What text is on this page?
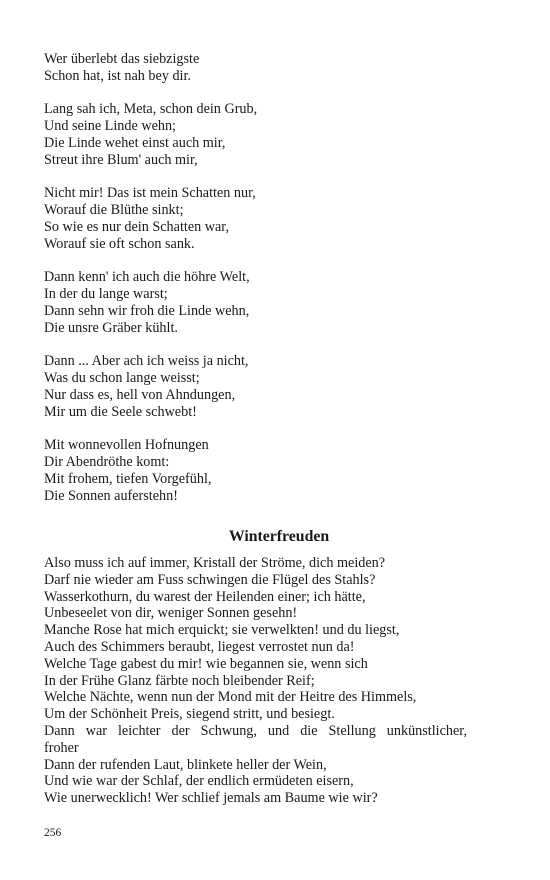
Wer überlebt das siebzigste
Schon hat, ist nah bey dir.
Lang sah ich, Meta, schon dein Grub,
Und seine Linde wehn;
Die Linde wehet einst auch mir,
Streut ihre Blum' auch mir,
Nicht mir! Das ist mein Schatten nur,
Worauf die Blüthe sinkt;
So wie es nur dein Schatten war,
Worauf sie oft schon sank.
Dann kenn' ich auch die höhre Welt,
In der du lange warst;
Dann sehn wir froh die Linde wehn,
Die unsre Gräber kühlt.
Dann ... Aber ach ich weiss ja nicht,
Was du schon lange weisst;
Nur dass es, hell von Ahndungen,
Mir um die Seele schwebt!
Mit wonnevollen Hofnungen
Dir Abendröthe komt:
Mit frohem, tiefen Vorgefühl,
Die Sonnen auferstehn!
Winterfreuden
Also muss ich auf immer, Kristall der Ströme, dich meiden?
Darf nie wieder am Fuss schwingen die Flügel des Stahls?
Wasserkothurn, du warest der Heilenden einer; ich hätte,
Unbeseelet von dir, weniger Sonnen gesehn!
Manche Rose hat mich erquickt; sie verwelkten! und du liegst,
Auch des Schimmers beraubt, liegest verrostet nun da!
Welche Tage gabest du mir! wie begannen sie, wenn sich
In der Frühe Glanz färbte noch bleibender Reif;
Welche Nächte, wenn nun der Mond mit der Heitre des Himmels,
Um der Schönheit Preis, siegend stritt, und besiegt.
Dann war leichter der Schwung, und die Stellung unkünstlicher,
froher
Dann der rufenden Laut, blinkete heller der Wein,
Und wie war der Schlaf, der endlich ermüdeten eisern,
Wie unerwecklich! Wer schlief jemals am Baume wie wir?
256
